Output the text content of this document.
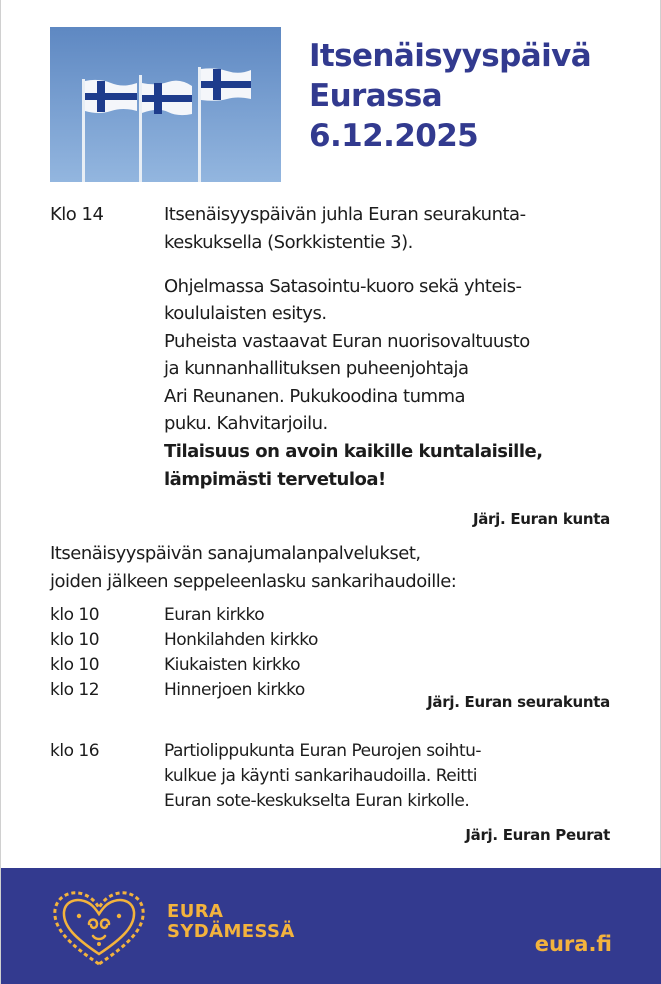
Itsenäisyyspäivä
Eurassa
6.12.2025
Klo 14	Itsenäisyyspäivän juhla Euran seurakunta-
keskuksella (Sorkkistentie 3).
Ohjelmassa Satasointu-kuoro sekä yhteis-
koululaisten esitys.
Puheista vastaavat Euran nuorisovaltuusto
ja kunnanhallituksen puheenjohtaja
Ari Reunanen. Pukukoodina tumma
puku. Kahvitarjoilu.
Tilaisuus on avoin kaikille kuntalaisille,
lämpimästi tervetuloa!
Järj. Euran kunta
Itsenäisyyspäivän sanajumalanpalvelukset,
joiden jälkeen seppeleenlasku sankarihaudoille:
klo 10	Euran kirkko
klo 10	Honkilahden kirkko
klo 10	Kiukaisten kirkko
klo 12	Hinnerjoen kirkko
Järj. Euran seurakunta
klo 16	Partiolippukunta Euran Peurojen soihtu-
kulkue ja käynti sankarihaudoilla. Reitti
Euran sote-keskukselta Euran kirkolle.
Järj. Euran Peurat
EURA
SYDÄMESSÄ
eura.fi
